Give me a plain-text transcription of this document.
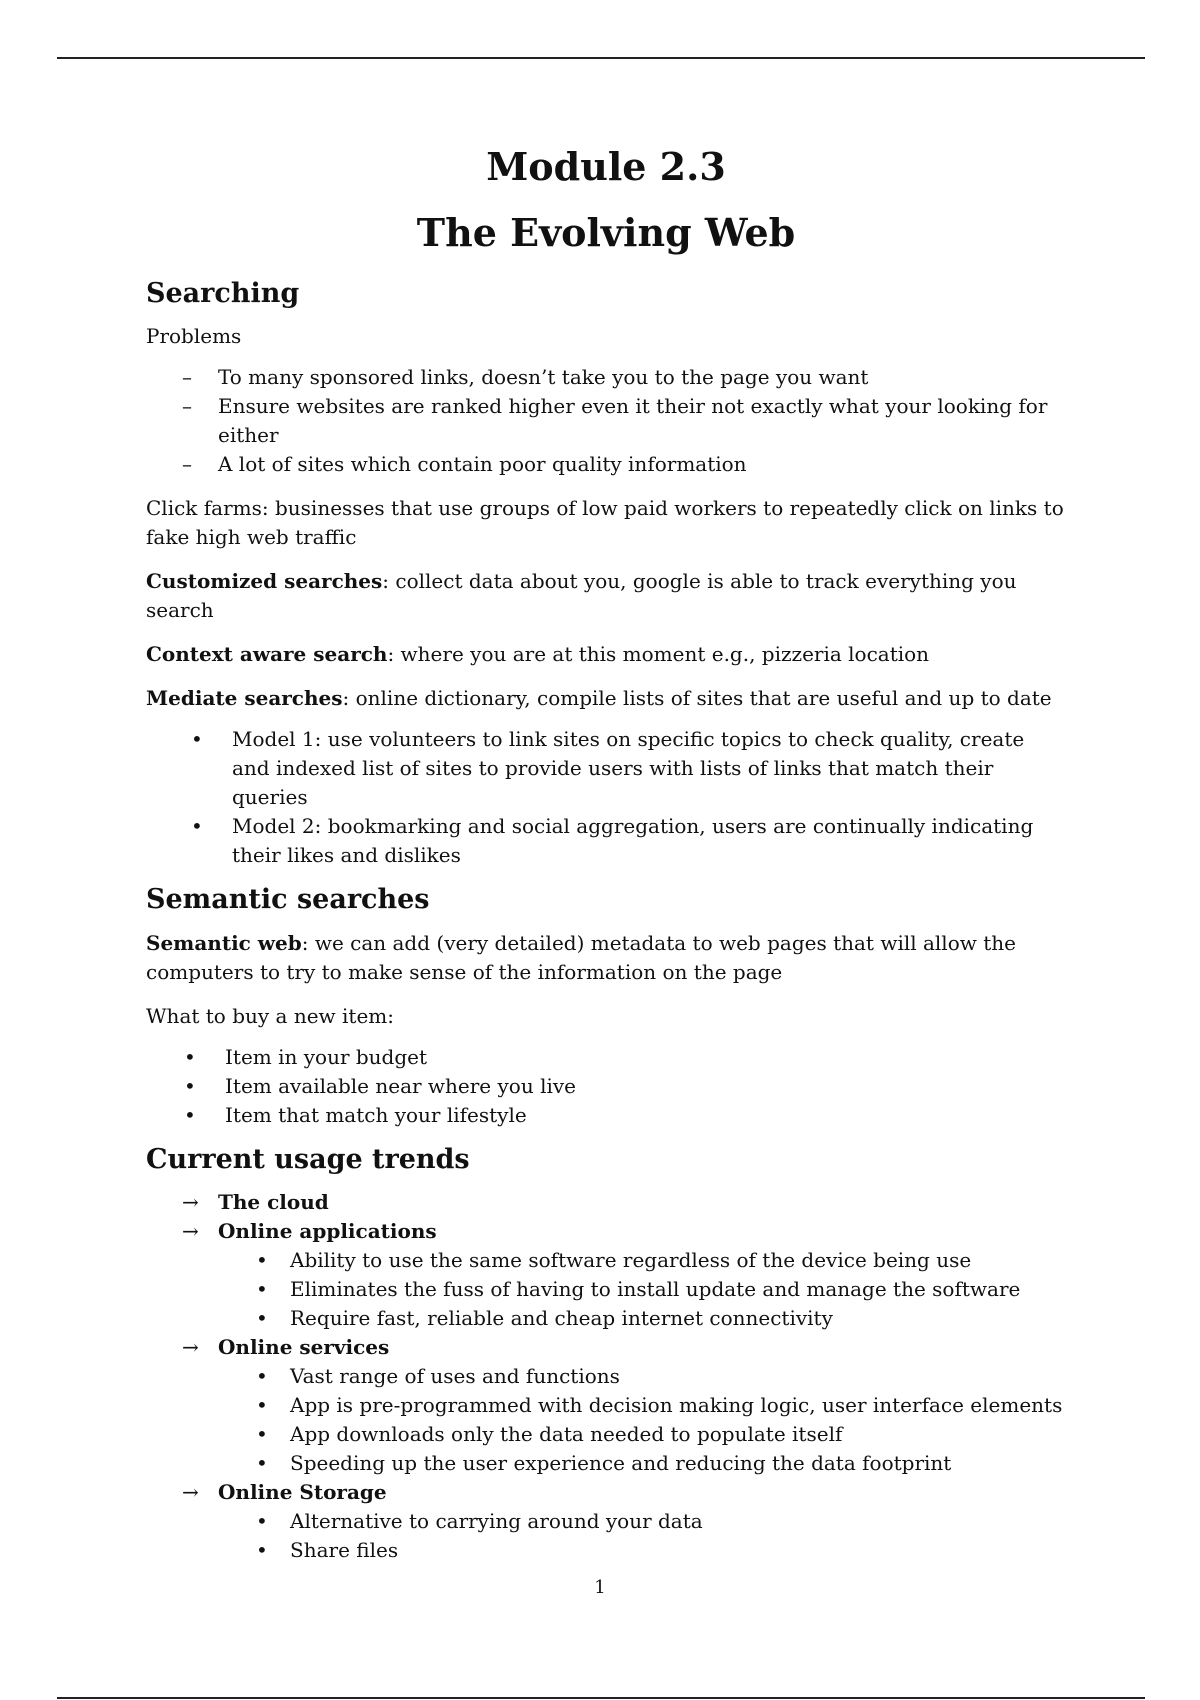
Module 2.3
The Evolving Web
Searching

Problems

– To many sponsored links, doesn’t take you to the page you want
– Ensure websites are ranked higher even it their not exactly what your looking for either
– A lot of sites which contain poor quality information

Click farms: businesses that use groups of low paid workers to repeatedly click on links to fake high web traffic

Customized searches: collect data about you, google is able to track everything you search

Context aware search: where you are at this moment e.g., pizzeria location

Mediate searches: online dictionary, compile lists of sites that are useful and up to date

• Model 1: use volunteers to link sites on specific topics to check quality, create and indexed list of sites to provide users with lists of links that match their queries
• Model 2: bookmarking and social aggregation, users are continually indicating their likes and dislikes
Semantic searches

Semantic web: we can add (very detailed) metadata to web pages that will allow the computers to try to make sense of the information on the page

What to buy a new item:

• Item in your budget
• Item available near where you live
• Item that match your lifestyle
Current usage trends
→ The cloud
→ Online applications
• Ability to use the same software regardless of the device being use
• Eliminates the fuss of having to install update and manage the software
• Require fast, reliable and cheap internet connectivity
→ Online services
• Vast range of uses and functions
• App is pre-programmed with decision making logic, user interface elements
• App downloads only the data needed to populate itself
• Speeding up the user experience and reducing the data footprint
→ Online Storage
• Alternative to carrying around your data
• Share files
1
